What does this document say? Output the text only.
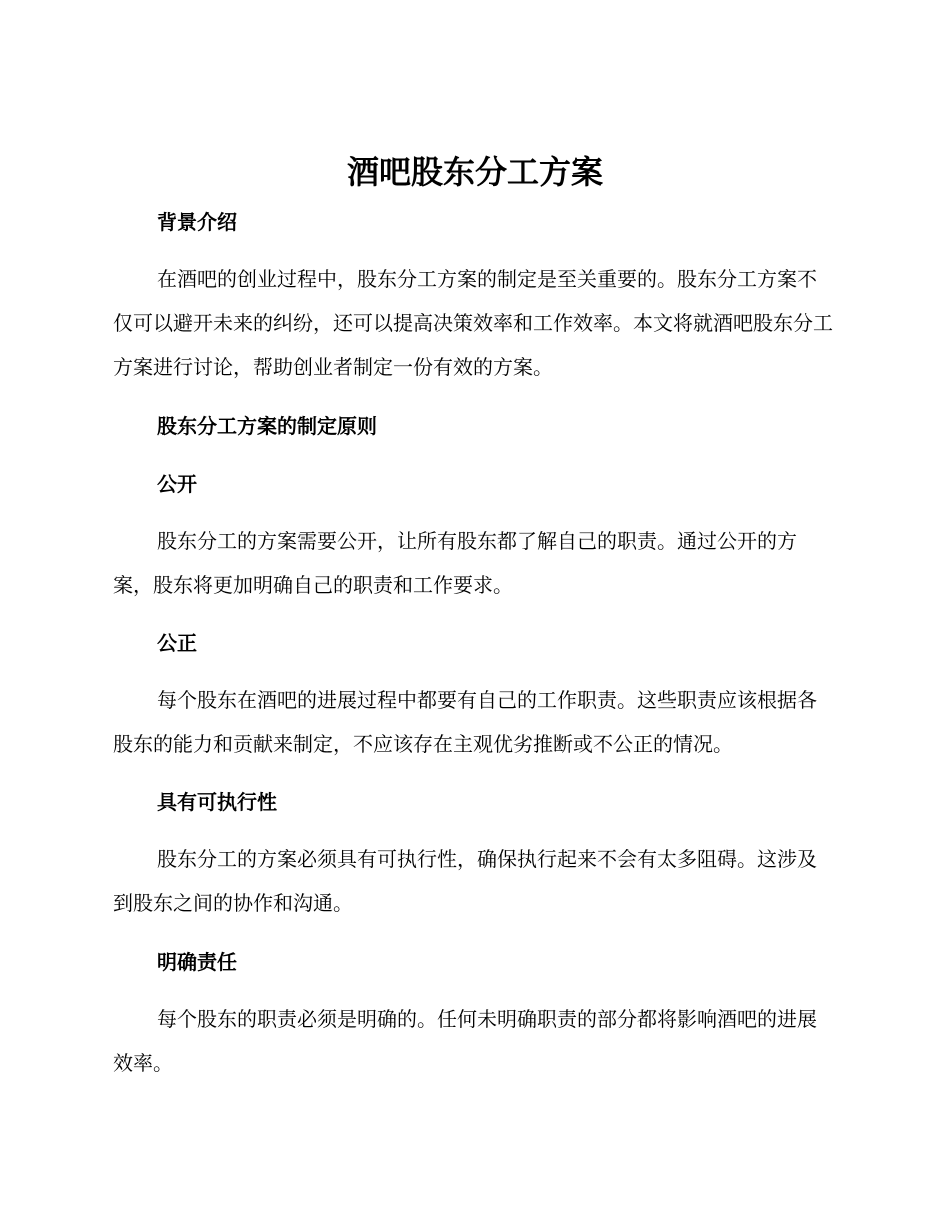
酒吧股东分工方案
背景介绍

在酒吧的创业过程中，股东分工方案的制定是至关重要的。股东分工方案不仅可以避开未来的纠纷，还可以提高决策效率和工作效率。本文将就酒吧股东分工方案进行讨论，帮助创业者制定一份有效的方案。

股东分工方案的制定原则
公开

股东分工的方案需要公开，让所有股东都了解自己的职责。通过公开的方案，股东将更加明确自己的职责和工作要求。

公正

每个股东在酒吧的进展过程中都要有自己的工作职责。这些职责应该根据各股东的能力和贡献来制定，不应该存在主观优劣推断或不公正的情况。

具有可执行性

股东分工的方案必须具有可执行性，确保执行起来不会有太多阻碍。这涉及到股东之间的协作和沟通。

明确责任

每个股东的职责必须是明确的。任何未明确职责的部分都将影响酒吧的进展效率。
